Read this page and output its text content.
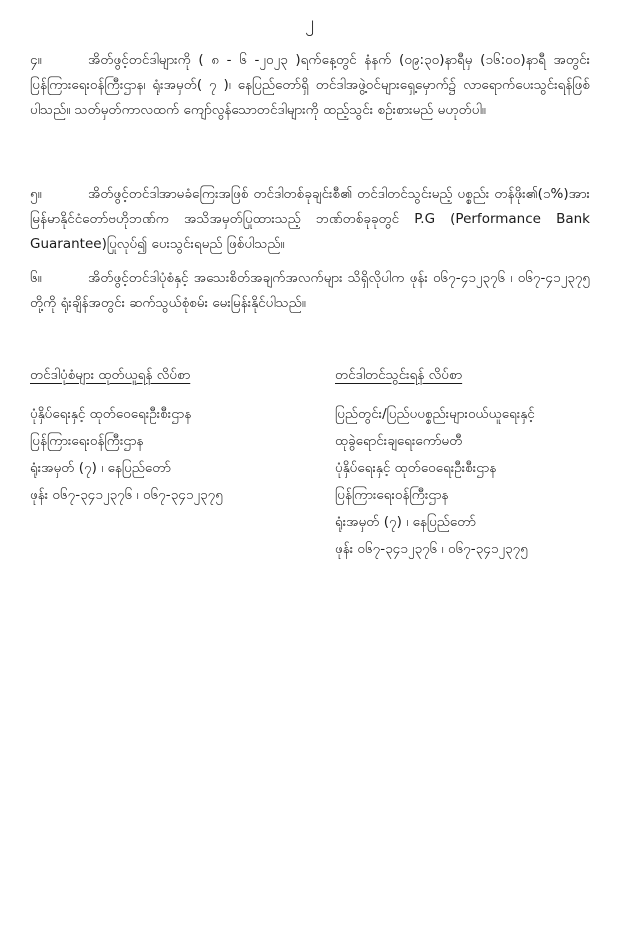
၂
၄။	အိတ်ဖွင့်တင်ဒါများကို ( ၈ - ၆ -၂၀၂၃ )ရက်နေ့တွင် နံနက် (၀၉:၃၀)နာရီမှ (၁၆:၀၀)နာရီ အတွင်း ပြန်ကြားရေးဝန်ကြီးဌာန၊ ရုံးအမှတ်( ၇ )၊ နေပြည်တော်ရှိ တင်ဒါအဖွဲ့ဝင်များရှေ့မှောက်၌ လာရောက်ပေးသွင်းရန်ဖြစ်ပါသည်။ သတ်မှတ်ကာလထက် ကျော်လွန်သောတင်ဒါများကို ထည့်သွင်း စဉ်းစားမည် မဟုတ်ပါ။
၅။	အိတ်ဖွင့်တင်ဒါအာမခံကြေးအဖြစ် တင်ဒါတစ်ခုချင်းစီ၏ တင်ဒါတင်သွင်းမည့် ပစ္စည်း တန်ဖိုး၏(၁%)အား မြန်မာနိုင်ငံတော်ဗဟိုဘဏ်က အသိအမှတ်ပြုထားသည့် ဘဏ်တစ်ခုခုတွင် P.G (Performance Bank Guarantee)ပြုလုပ်၍ ပေးသွင်းရမည် ဖြစ်ပါသည်။
၆။	အိတ်ဖွင့်တင်ဒါပုံစံနှင့် အသေးစိတ်အချက်အလက်များ သိရှိလိုပါက ဖုန်း ၀၆၇-၄၁၂၃၇၆ ၊ ၀၆၇-၄၁၂၃၇၅ တို့ကို ရုံးချိန်အတွင်း ဆက်သွယ်စုံစမ်း မေးမြန်းနိုင်ပါသည်။
တင်ဒါပုံစံများ ထုတ်ယူရန် လိပ်စာ
ပုံနှိပ်ရေးနှင့် ထုတ်ဝေရေးဦးစီးဌာန
ပြန်ကြားရေးဝန်ကြီးဌာန
ရုံးအမှတ် (၇) ၊ နေပြည်တော်
ဖုန်း ၀၆၇-၃၄၁၂၃၇၆ ၊ ၀၆၇-၃၄၁၂၃၇၅
တင်ဒါတင်သွင်းရန် လိပ်စာ
ပြည်တွင်း/ပြည်ပပစ္စည်းများဝယ်ယူရေးနှင့်
ထုခွဲရောင်းချရေးကော်မတီ
ပုံနှိပ်ရေးနှင့် ထုတ်ဝေရေးဦးစီးဌာန
ပြန်ကြားရေးဝန်ကြီးဌာန
ရုံးအမှတ် (၇) ၊ နေပြည်တော်
ဖုန်း ၀၆၇-၃၄၁၂၃၇၆ ၊ ၀၆၇-၃၄၁၂၃၇၅
